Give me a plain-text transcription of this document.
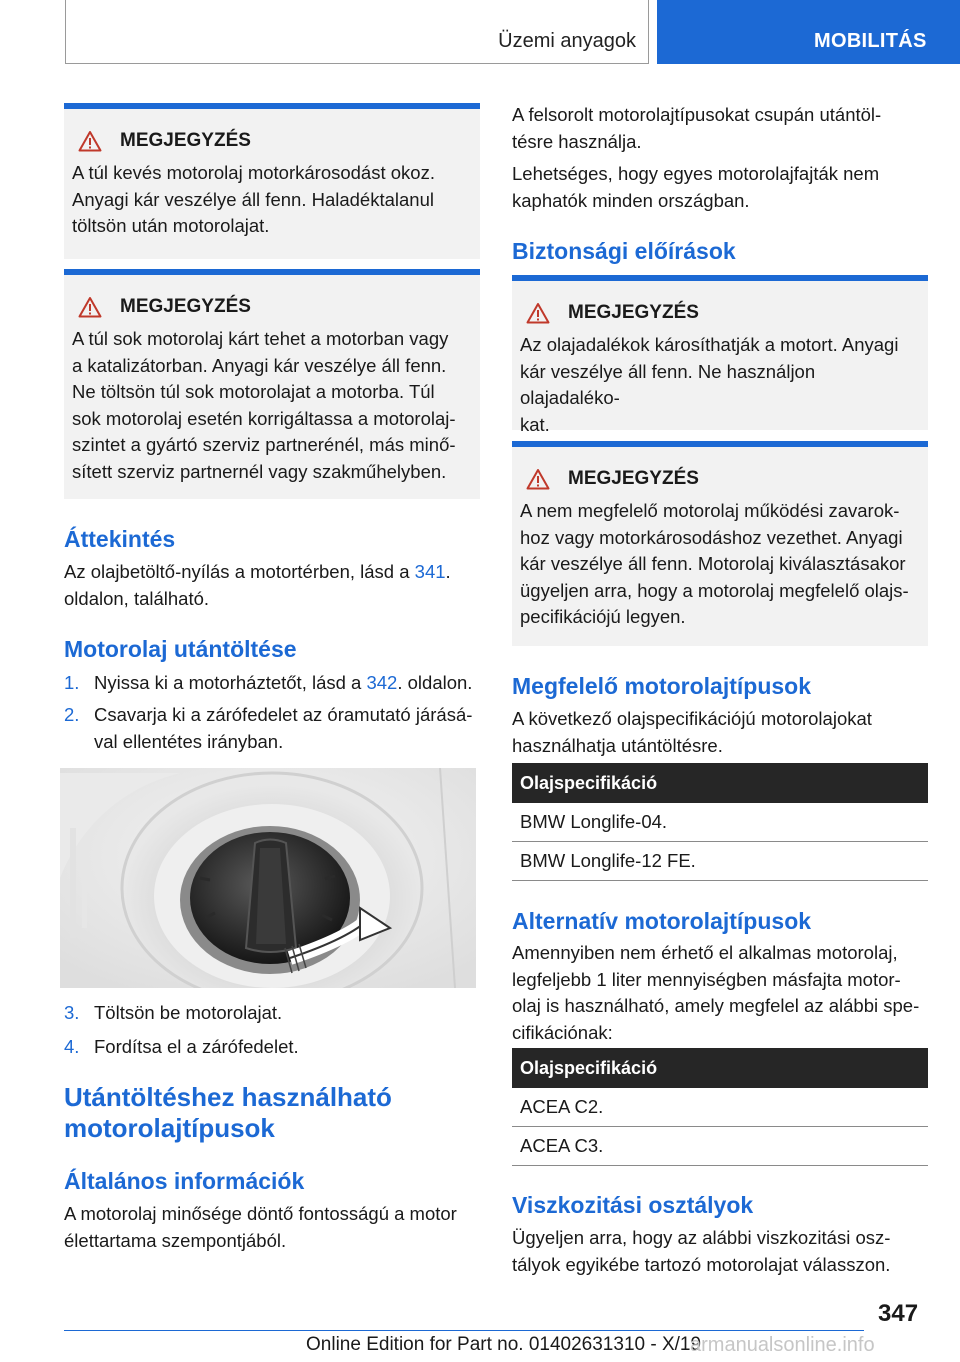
Üzemi anyagok	MOBILITÁS
MEGJEGYZÉS
A túl kevés motorolaj motorkárosodást okoz.
Anyagi kár veszélye áll fenn. Haladéktalanul
töltsön után motorolajat.
MEGJEGYZÉS
A túl sok motorolaj kárt tehet a motorban vagy
a katalizátorban. Anyagi kár veszélye áll fenn.
Ne töltsön túl sok motorolajat a motorba. Túl
sok motorolaj esetén korrigáltassa a motorolaj-
szintet a gyártó szerviz partnerénél, más minő-
sített szerviz partnernél vagy szakműhelyben.
Áttekintés
Az olajbetöltő-nyílás a motortérben, lásd a 341.
oldalon, található.
Motorolaj utántöltése
1. Nyissa ki a motorháztetőt, lásd a 342. oldalon.
2. Csavarja ki a zárófedelet az óramutató járásá-
val ellentétes irányban.
3. Töltsön be motorolajat.
4. Fordítsa el a zárófedelet.
Utántöltéshez használható
motorolajtípusok
Általános információk
A motorolaj minősége döntő fontosságú a motor
élettartama szempontjából.
A felsorolt motorolajtípusokat csupán utántöl-
tésre használja.
Lehetséges, hogy egyes motorolajfajták nem
kaphatók minden országban.
Biztonsági előírások
MEGJEGYZÉS
Az olajadalékok károsíthatják a motort. Anyagi
kár veszélye áll fenn. Ne használjon olajadaléko-
kat.
MEGJEGYZÉS
A nem megfelelő motorolaj működési zavarok-
hoz vagy motorkárosodáshoz vezethet. Anyagi
kár veszélye áll fenn. Motorolaj kiválasztásakor
ügyeljen arra, hogy a motorolaj megfelelő olajs-
pecifikációjú legyen.
Megfelelő motorolajtípusok
A következő olajspecifikációjú motorolajokat
használhatja utántöltésre.
Olajspecifikáció
BMW Longlife-04.
BMW Longlife-12 FE.
Alternatív motorolajtípusok
Amennyiben nem érhető el alkalmas motorolaj,
legfeljebb 1 liter mennyiségben másfajta motor-
olaj is használható, amely megfelel az alábbi spe-
cifikációnak:
Olajspecifikáció
ACEA C2.
ACEA C3.
Viszkozitási osztályok
Ügyeljen arra, hogy az alábbi viszkozitási osz-
tályok egyikébe tartozó motorolajat válasszon.
347
Online Edition for Part no. 01402631310 - X/19
armanualsonline.info
